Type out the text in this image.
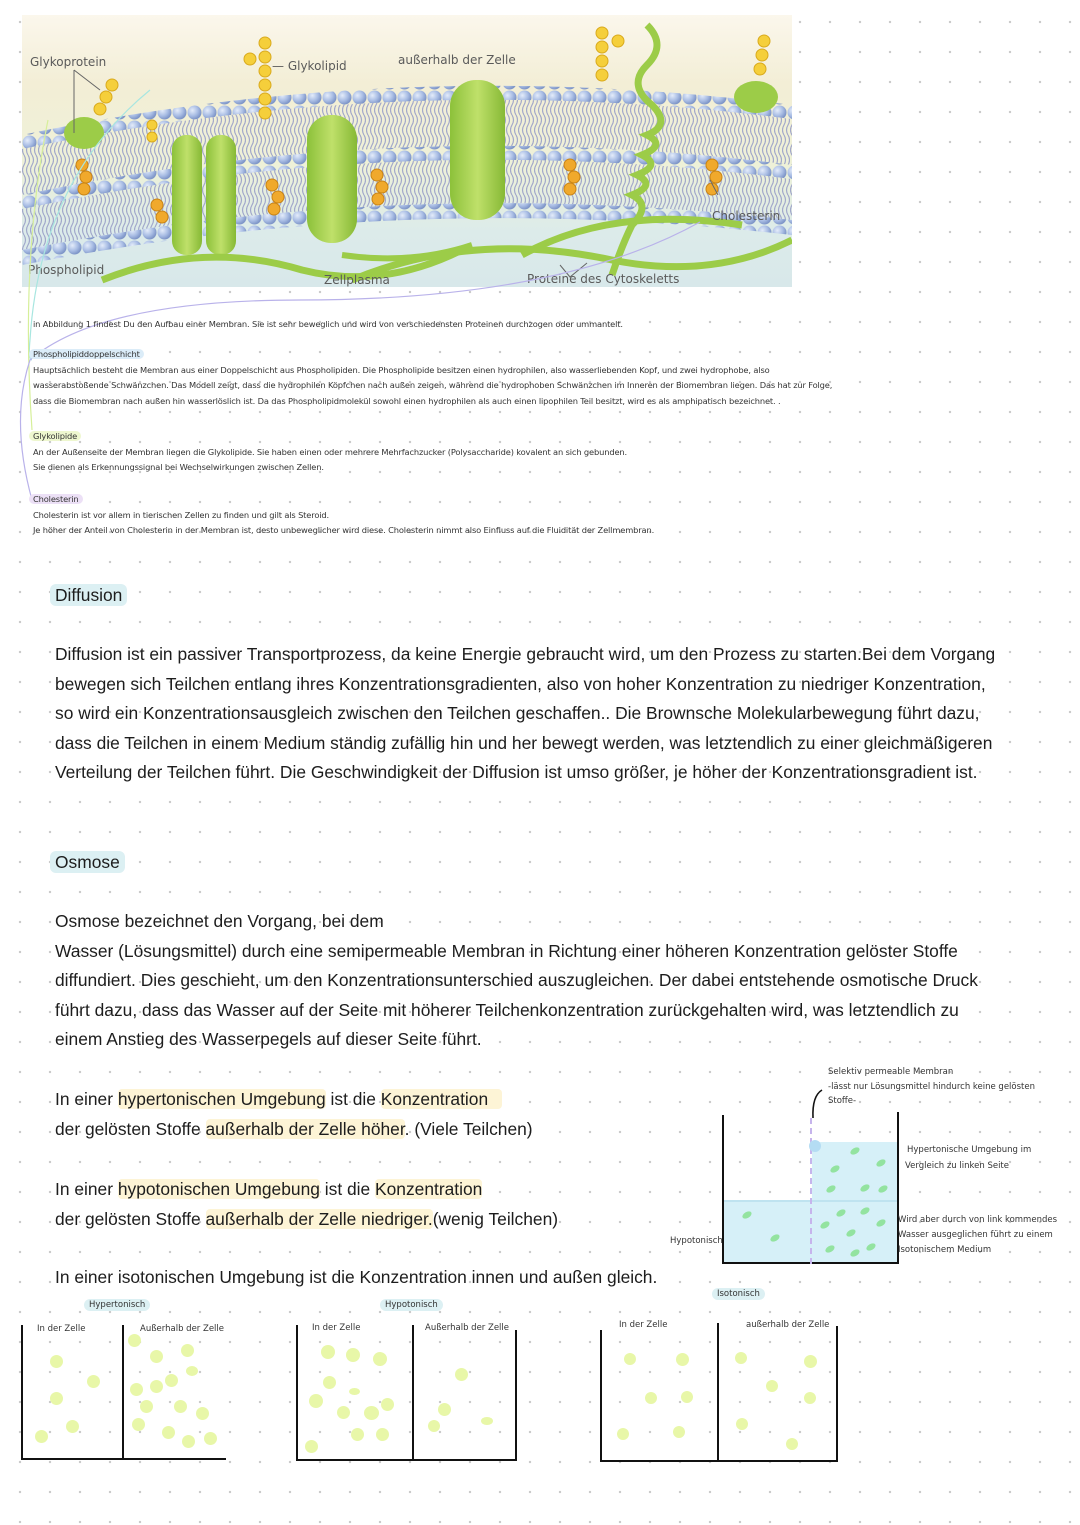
Glykoprotein	— Glykolipid	außerhalb der Zelle
Cholesterin
Phospholipid
Zellplasma	Proteine des Cytoskeletts
in Abbildung 1 findest Du den Aufbau einer Membran. Sie ist sehr beweglich und wird von verschiedensten Proteinen durchzogen oder ummantelt.
Phospholipiddoppelschicht
Hauptsächlich besteht die Membran aus einer Doppelschicht aus Phospholipiden. Die Phospholipide besitzen einen hydrophilen, also wasserliebenden Kopf, und zwei hydrophobe, also
wasserabstoßende Schwänzchen. Das Modell zeigt, dass die hydrophilen Köpfchen nach außen zeigen, während die hydrophoben Schwänzchen im Inneren der Biomembran liegen. Das hat zur Folge,
dass die Biomembran nach außen hin wasserlöslich ist. Da das Phospholipidmolekül sowohl einen hydrophilen als auch einen lipophilen Teil besitzt, wird es als amphipatisch bezeichnet. .
Glykolipide
An der Außenseite der Membran liegen die Glykolipide. Sie haben einen oder mehrere Mehrfachzucker (Polysaccharide) kovalent an sich gebunden.
Sie dienen als Erkennungssignal bei Wechselwirkungen zwischen Zellen.
Cholesterin
Cholesterin ist vor allem in tierischen Zellen zu finden und gilt als Steroid.
Je höher der Anteil von Cholesterin in der Membran ist, desto unbeweglicher wird diese. Cholesterin nimmt also Einfluss auf die Fluidität der Zellmembran.
Diffusion
Diffusion ist ein passiver Transportprozess, da keine Energie gebraucht wird, um den Prozess zu starten.Bei dem Vorgang
bewegen sich Teilchen entlang ihres Konzentrationsgradienten, also von hoher Konzentration zu niedriger Konzentration,
so wird ein Konzentrationsausgleich zwischen den Teilchen geschaffen.. Die Brownsche Molekularbewegung führt dazu,
dass die Teilchen in einem Medium ständig zufällig hin und her bewegt werden, was letztendlich zu einer gleichmäßigeren
Verteilung der Teilchen führt. Die Geschwindigkeit der Diffusion ist umso größer, je höher der Konzentrationsgradient ist.
Osmose
Osmose bezeichnet den Vorgang, bei dem
Wasser (Lösungsmittel) durch eine semipermeable Membran in Richtung einer höheren Konzentration gelöster Stoffe
diffundiert. Dies geschieht, um den Konzentrationsunterschied auszugleichen. Der dabei entstehende osmotische Druck
führt dazu, dass das Wasser auf der Seite mit höherer Teilchenkonzentration zurückgehalten wird, was letztendlich zu
einem Anstieg des Wasserpegels auf dieser Seite führt.
In einer hypertonischen Umgebung ist die Konzentration
der gelösten Stoffe außerhalb der Zelle höher. (Viele Teilchen)
In einer hypotonischen Umgebung ist die Konzentration
der gelösten Stoffe außerhalb der Zelle niedriger.(wenig Teilchen)
In einer isotonischen Umgebung ist die Konzentration innen und außen gleich.
Selektiv permeable Membran
-lässt nur Lösungsmittel hindurch keine gelösten Stoffe-
Hypertonische Umgebung im
Vergleich zu linken Seite
Wird aber durch von link kommendes
Wasser ausgeglichen führt zu einem
Isotonischem Medium
Hypotonisch
Hypertonisch
In der Zelle	Außerhalb der Zelle
Hypotonisch
In der Zelle	Außerhalb der Zelle
Isotonisch
In der Zelle	außerhalb der Zelle
